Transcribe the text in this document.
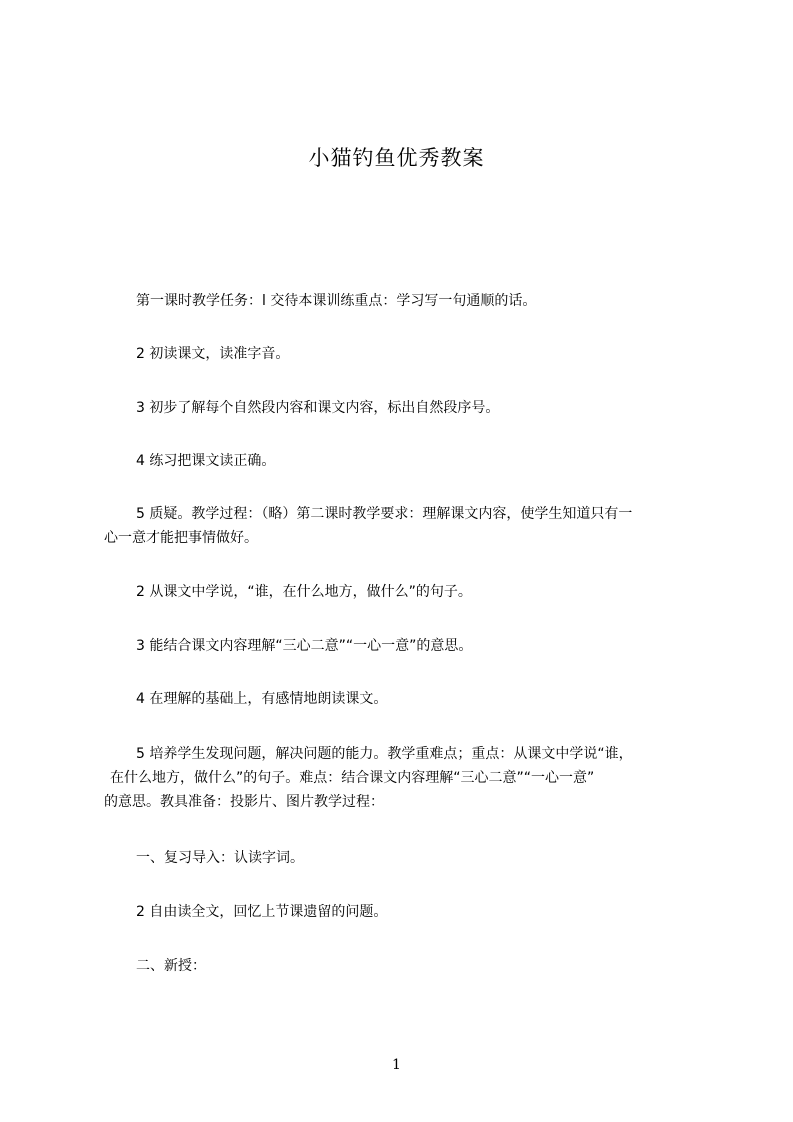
小猫钓鱼优秀教案
第一课时教学任务：l 交待本课训练重点：学习写一句通顺的话。
2 初读课文，读准字音。
3 初步了解每个自然段内容和课文内容，标出自然段序号。
4 练习把课文读正确。
5 质疑。教学过程：（略）第二课时教学要求：理解课文内容，使学生知道只有一
心一意才能把事情做好。
2 从课文中学说，“谁，在什么地方，做什么”的句子。
3 能结合课文内容理解“三心二意”“一心一意”的意思。
4 在理解的基础上，有感情地朗读课文。
5 培养学生发现问题，解决问题的能力。教学重难点；重点：从课文中学说“谁，
在什么地方，做什么”的句子。难点：结合课文内容理解“三心二意”“一心一意”
的意思。教具准备：投影片、图片教学过程：
一、复习导入：认读字词。
2 自由读全文，回忆上节课遗留的问题。
二、新授：
1
